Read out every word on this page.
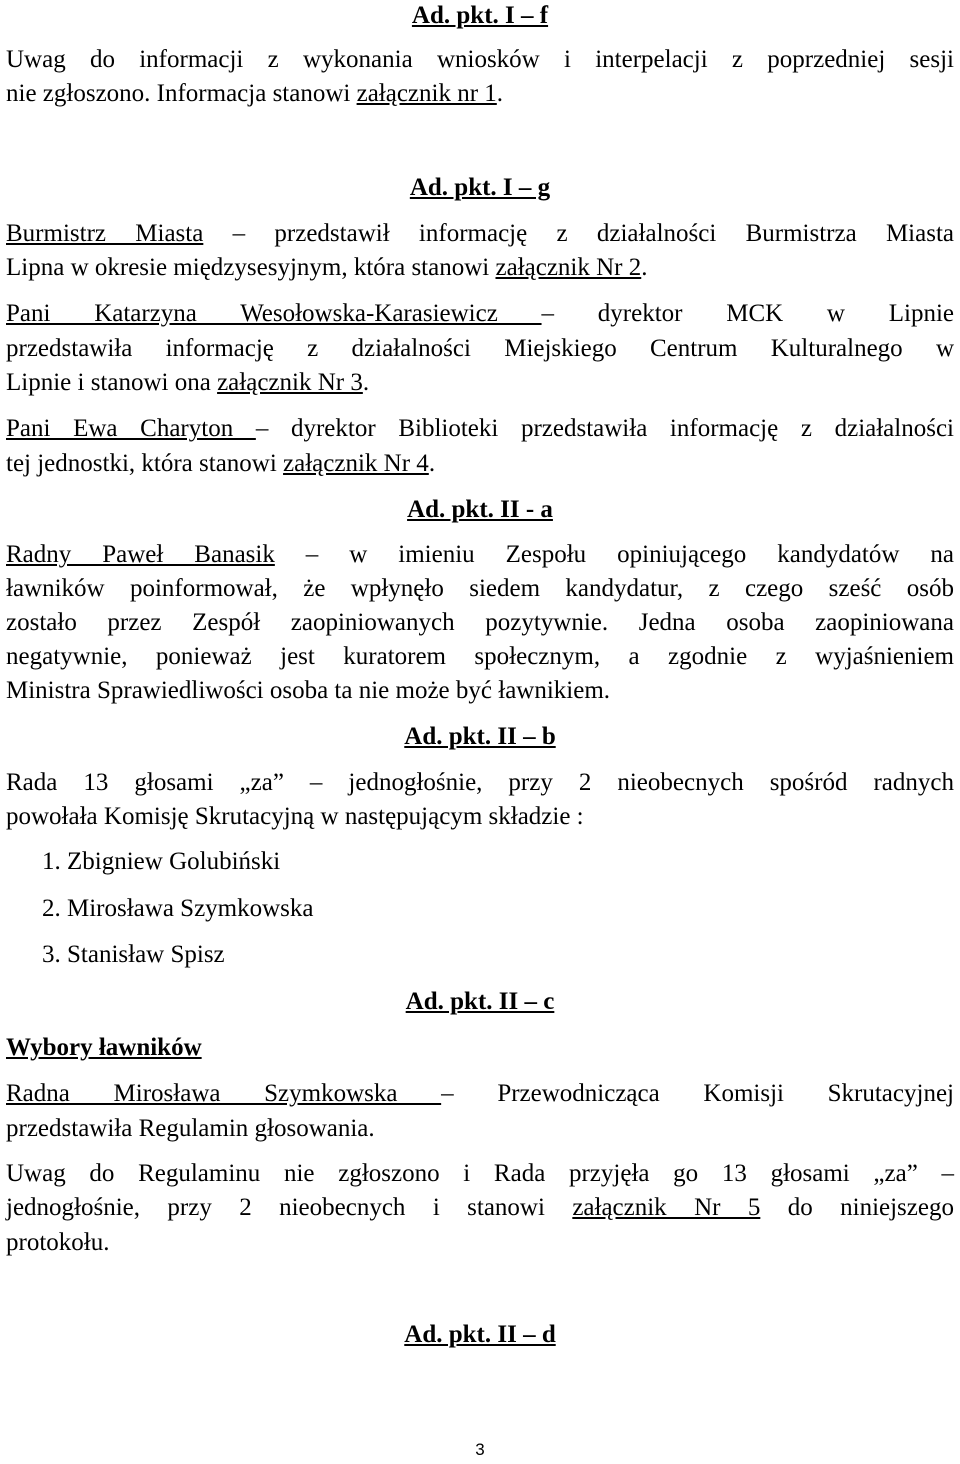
Ad. pkt. I – f
Uwag do informacji z wykonania wniosków i interpelacji z poprzedniej sesji
nie zgłoszono. Informacja stanowi załącznik nr 1.
Ad. pkt. I – g
Burmistrz Miasta – przedstawił informację z działalności Burmistrza Miasta
Lipna w okresie międzysesyjnym, która stanowi załącznik Nr 2.
Pani Katarzyna Wesołowska-Karasiewicz – dyrektor MCK w Lipnie
przedstawiła informację z działalności Miejskiego Centrum Kulturalnego w
Lipnie i stanowi ona załącznik Nr 3.
Pani Ewa Charyton – dyrektor Biblioteki przedstawiła informację z działalności
tej jednostki, która stanowi załącznik Nr 4.
Ad. pkt. II - a
Radny Paweł Banasik – w imieniu Zespołu opiniującego kandydatów na
ławników poinformował, że wpłynęło siedem kandydatur, z czego sześć osób
zostało przez Zespół zaopiniowanych pozytywnie. Jedna osoba zaopiniowana
negatywnie, ponieważ jest kuratorem społecznym, a zgodnie z wyjaśnieniem
Ministra Sprawiedliwości osoba ta nie może być ławnikiem.
Ad. pkt. II – b
Rada 13 głosami „za” – jednogłośnie, przy 2 nieobecnych spośród radnych
powołała Komisję Skrutacyjną w następującym składzie :
1. Zbigniew Golubiński
2. Mirosława Szymkowska
3. Stanisław Spisz
Ad. pkt. II – c
Wybory ławników
Radna Mirosława Szymkowska – Przewodnicząca Komisji Skrutacyjnej
przedstawiła Regulamin głosowania.
Uwag do Regulaminu nie zgłoszono i Rada przyjęła go 13 głosami „za” –
jednogłośnie, przy 2 nieobecnych i stanowi załącznik Nr 5 do niniejszego
protokołu.
Ad. pkt. II – d
3
